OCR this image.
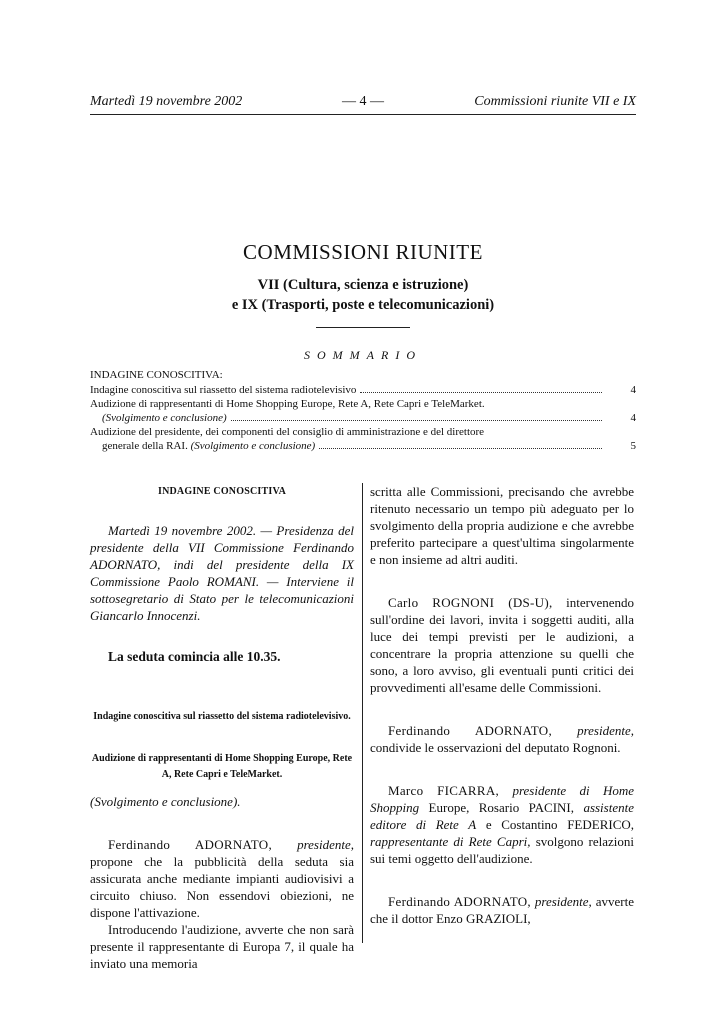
Martedì 19 novembre 2002	— 4 —	Commissioni riunite VII e IX
COMMISSIONI RIUNITE
VII (Cultura, scienza e istruzione)
e IX (Trasporti, poste e telecomunicazioni)
SOMMARIO
INDAGINE CONOSCITIVA:
Indagine conoscitiva sul riassetto del sistema radiotelevisivo	4
Audizione di rappresentanti di Home Shopping Europe, Rete A, Rete Capri e TeleMarket.
(Svolgimento e conclusione)	4
Audizione del presidente, dei componenti del consiglio di amministrazione e del direttore
generale della RAI.
(Svolgimento e conclusione)	5
INDAGINE CONOSCITIVA

Martedì 19 novembre 2002. — Presidenza del presidente della VII Commissione Ferdinando ADORNATO, indi del presidente della IX Commissione Paolo ROMANI. — Interviene il sottosegretario di Stato per le telecomunicazioni Giancarlo Innocenzi.

La seduta comincia alle 10.35.

Indagine conoscitiva sul riassetto del sistema radiotelevisivo.

Audizione di rappresentanti di Home Shopping Europe, Rete A, Rete Capri e TeleMarket.

(Svolgimento e conclusione).

Ferdinando ADORNATO, presidente, propone che la pubblicità della seduta sia assicurata anche mediante impianti audiovisivi a circuito chiuso. Non essendovi obiezioni, ne dispone l'attivazione.

Introducendo l'audizione, avverte che non sarà presente il rappresentante di Europa 7, il quale ha inviato una memoria

scritta alle Commissioni, precisando che avrebbe ritenuto necessario un tempo più adeguato per lo svolgimento della propria audizione e che avrebbe preferito partecipare a quest'ultima singolarmente e non insieme ad altri auditi.

Carlo ROGNONI (DS-U), intervenendo sull'ordine dei lavori, invita i soggetti auditi, alla luce dei tempi previsti per le audizioni, a concentrare la propria attenzione su quelli che sono, a loro avviso, gli eventuali punti critici dei provvedimenti all'esame delle Commissioni.

Ferdinando ADORNATO, presidente, condivide le osservazioni del deputato Rognoni.

Marco FICARRA, presidente di Home Shopping Europe, Rosario PACINI, assistente editore di Rete A e Costantino FEDERICO, rappresentante di Rete Capri, svolgono relazioni sui temi oggetto dell'audizione.

Ferdinando ADORNATO, presidente, avverte che il dottor Enzo GRAZIOLI,
